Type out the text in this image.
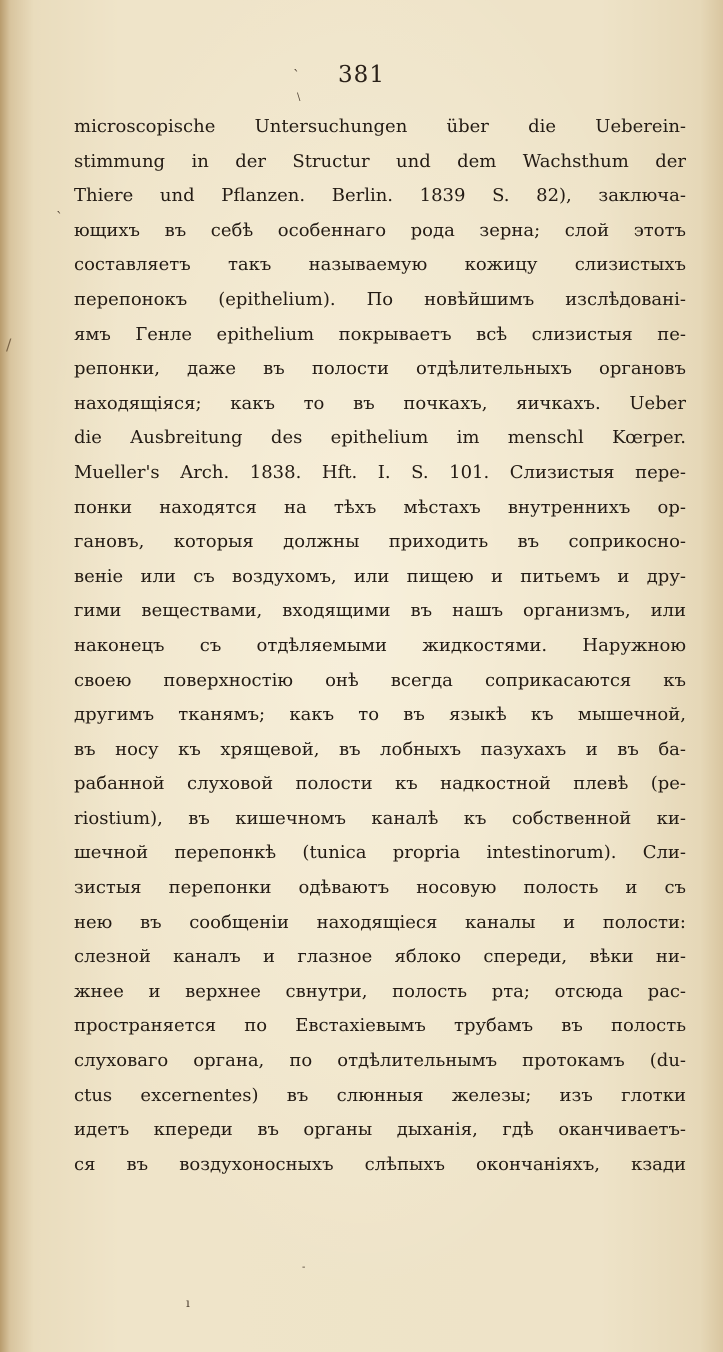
ˋ
\
381
ˋ
/
microscopische Untersuchungen über die Uebereіn-
stimmung in der Structur und dem Wachsthum der
Thiere und Pflanzen. Berlin. 1839 S. 82), заключа-
ющихъ въ себѣ особеннаго рода зерна; слой этотъ
составляетъ такъ называемую кожицу слизистыхъ
перепонокъ (epithelium). По новѣйшимъ изслѣдовані-
ямъ Генле epithelium покрываетъ всѣ слизистыя пе-
репонки, даже въ полости отдѣлительныхъ органовъ
находящіяся; какъ то въ почкахъ, яичкахъ. Ueber
die Ausbreitung des epithelium im menschl Kœrper.
Mueller's Arch. 1838. Hft. I. S. 101. Слизистыя пере-
понки находятся на тѣхъ мѣстахъ внутреннихъ ор-
гановъ, которыя должны приходить въ соприкосно-
веніе или съ воздухомъ, или пищею и питьемъ и дру-
гими веществами, входящими въ нашъ организмъ, или
наконецъ съ отдѣляемыми жидкостями. Наружною
своею поверхностію онѣ всегда соприкасаются къ
другимъ тканямъ; какъ то въ языкѣ къ мышечной,
въ носу къ хрящевой, въ лобныхъ пазухахъ и въ ба-
рабанной слуховой полости къ надкостной плевѣ (pe-
riostium), въ кишечномъ каналѣ къ собственной ки-
шечной перепонкѣ (tunica propria intestinorum). Сли-
зистыя перепонки одѣваютъ носовую полость и съ
нею въ сообщеніи находящіеся каналы и полости:
слезной каналъ и глазное яблоко спереди, вѣки ни-
жнее и верхнее свнутри, полость рта; отсюда рас-
пространяется по Евстахіевымъ трубамъ въ полость
слуховаго органа, по отдѣлительнымъ протокамъ (du-
ctus excernentes) въ слюнныя железы; изъ глотки
идетъ кпереди въ органы дыханія, гдѣ оканчиваетъ-
ся въ воздухоносныхъ слѣпыхъ окончаніяхъ, кзади
-
ı
